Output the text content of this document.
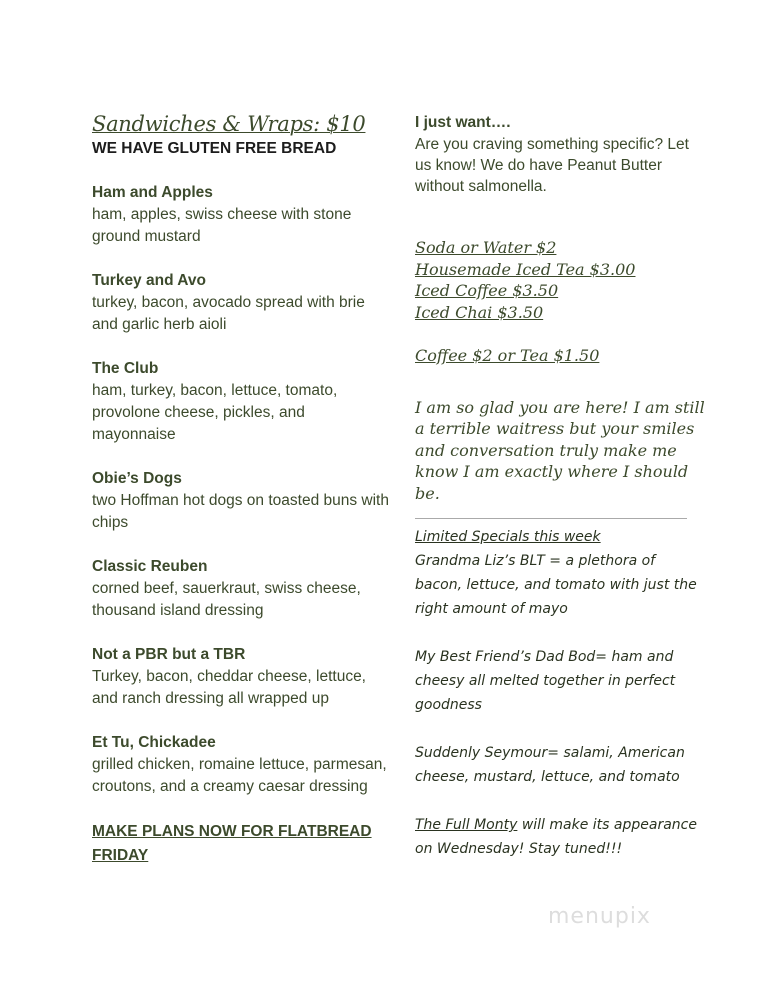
Sandwiches & Wraps: $10
WE HAVE GLUTEN FREE BREAD
Ham and Apples
ham, apples, swiss cheese with stone ground mustard
Turkey and Avo
turkey, bacon, avocado spread with brie and garlic herb aioli
The Club
ham, turkey, bacon, lettuce, tomato, provolone cheese, pickles, and mayonnaise
Obie’s Dogs
two Hoffman hot dogs on toasted buns with chips
Classic Reuben
corned beef, sauerkraut, swiss cheese, thousand island dressing
Not a PBR but a TBR
Turkey, bacon, cheddar cheese, lettuce, and ranch dressing all wrapped up
Et Tu, Chickadee
grilled chicken, romaine lettuce, parmesan, croutons, and a creamy caesar dressing
MAKE PLANS NOW FOR FLATBREAD FRIDAY
I just want….
Are you craving something specific? Let us know! We do have Peanut Butter without salmonella.
Soda or Water $2
Housemade Iced Tea $3.00
Iced Coffee $3.50
Iced Chai $3.50
Coffee $2 or Tea $1.50
I am so glad you are here! I am still a terrible waitress but your smiles and conversation truly make me know I am exactly where I should be.
Limited Specials this week
Grandma Liz’s BLT = a plethora of bacon, lettuce, and tomato with just the right amount of mayo
My Best Friend’s Dad Bod= ham and cheesy all melted together in perfect goodness
Suddenly Seymour= salami, American cheese, mustard, lettuce, and tomato
The Full Monty will make its appearance on Wednesday! Stay tuned!!!
menupix
